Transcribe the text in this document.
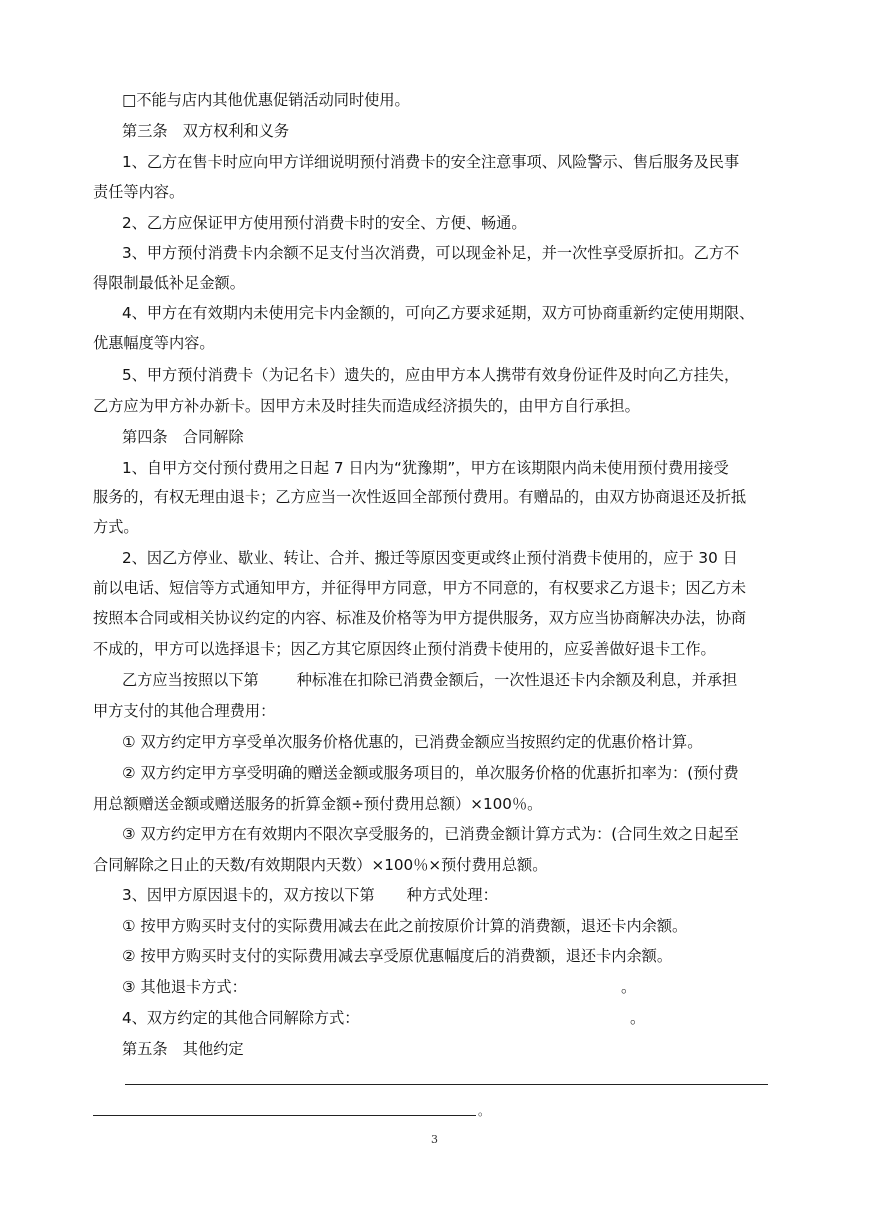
□不能与店内其他优惠促销活动同时使用。
第三条　双方权利和义务
1、乙方在售卡时应向甲方详细说明预付消费卡的安全注意事项、风险警示、售后服务及民事
责任等内容。
2、乙方应保证甲方使用预付消费卡时的安全、方便、畅通。
3、甲方预付消费卡内余额不足支付当次消费，可以现金补足，并一次性享受原折扣。乙方不
得限制最低补足金额。
4、甲方在有效期内未使用完卡内金额的，可向乙方要求延期，双方可协商重新约定使用期限、
优惠幅度等内容。
5、甲方预付消费卡（为记名卡）遗失的，应由甲方本人携带有效身份证件及时向乙方挂失，
乙方应为甲方补办新卡。因甲方未及时挂失而造成经济损失的，由甲方自行承担。
第四条　合同解除
1、自甲方交付预付费用之日起 7 日内为“犹豫期”，甲方在该期限内尚未使用预付费用接受
服务的，有权无理由退卡；乙方应当一次性返回全部预付费用。有赠品的，由双方协商退还及折抵
方式。
2、因乙方停业、歇业、转让、合并、搬迁等原因变更或终止预付消费卡使用的，应于 30 日
前以电话、短信等方式通知甲方，并征得甲方同意，甲方不同意的，有权要求乙方退卡；因乙方未
按照本合同或相关协议约定的内容、标准及价格等为甲方提供服务，双方应当协商解决办法，协商
不成的，甲方可以选择退卡；因乙方其它原因终止预付消费卡使用的，应妥善做好退卡工作。
乙方应当按照以下第	种标准在扣除已消费金额后，一次性退还卡内余额及利息，并承担
甲方支付的其他合理费用：
① 双方约定甲方享受单次服务价格优惠的，已消费金额应当按照约定的优惠价格计算。
② 双方约定甲方享受明确的赠送金额或服务项目的，单次服务价格的优惠折扣率为：(预付费
用总额赠送金额或赠送服务的折算金额÷预付费用总额）×100％。
③ 双方约定甲方在有效期内不限次享受服务的，已消费金额计算方式为：(合同生效之日起至
合同解除之日止的天数/有效期限内天数）×100％×预付费用总额。
3、因甲方原因退卡的，双方按以下第 种方式处理：
① 按甲方购买时支付的实际费用减去在此之前按原价计算的消费额，退还卡内余额。
② 按甲方购买时支付的实际费用减去享受原优惠幅度后的消费额，退还卡内余额。
③ 其他退卡方式：	。
4、双方约定的其他合同解除方式：	。
第五条　其他约定
。
3
